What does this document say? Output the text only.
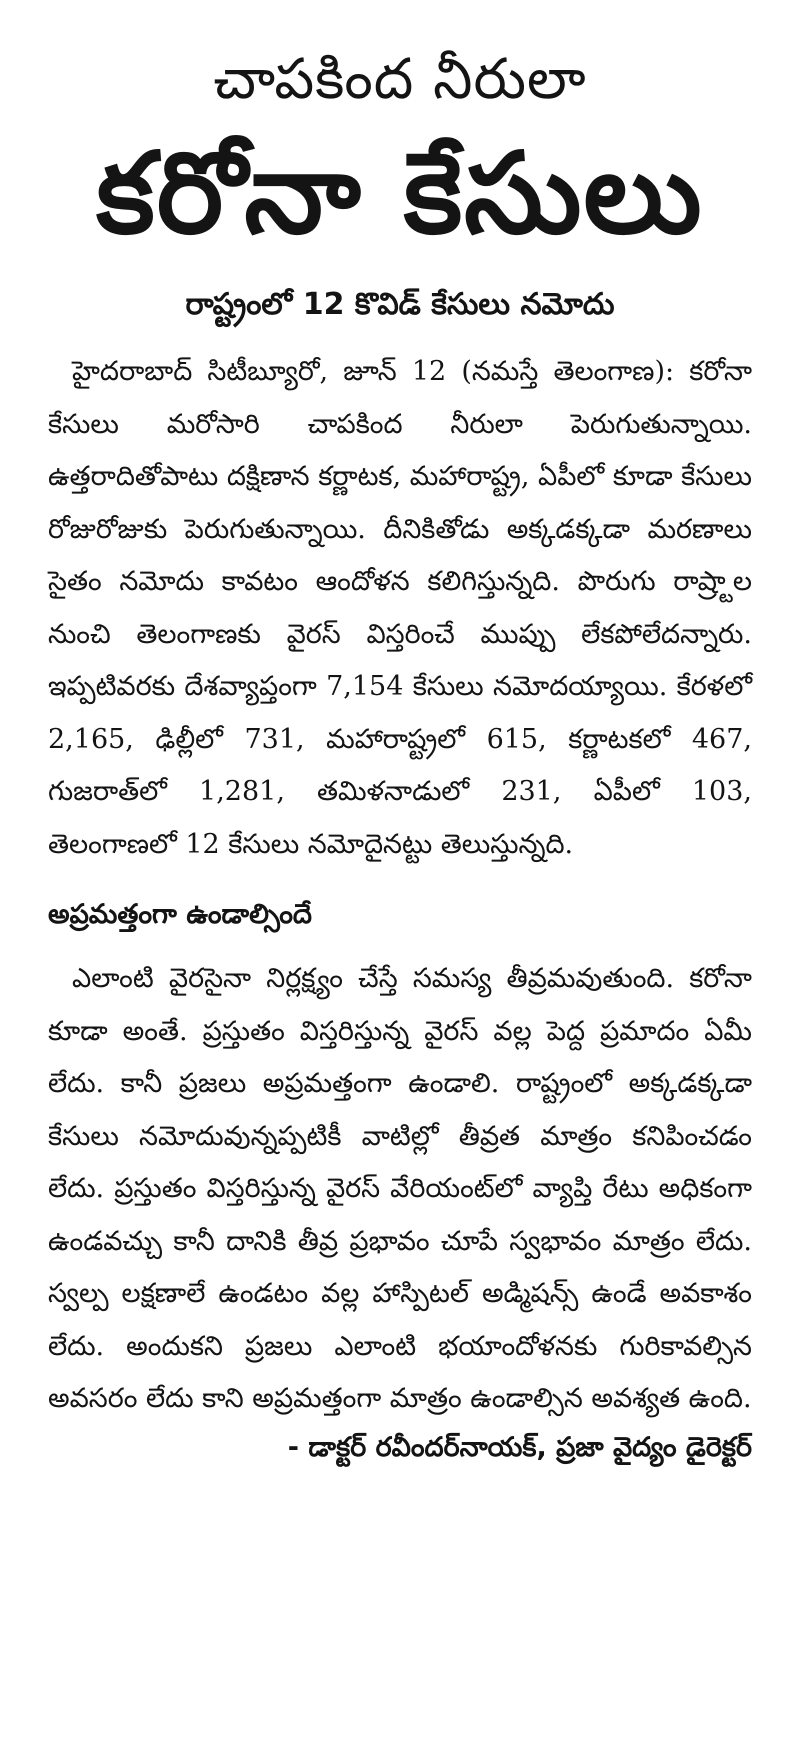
చాపకింద నీరులా
కరోనా కేసులు
రాష్ట్రంలో 12 కొవిడ్ కేసులు నమోదు

హైదరాబాద్ సిటీబ్యూరో, జూన్ 12 (నమస్తే తెలంగాణ): కరోనా కేసులు మరోసారి చాపకింద నీరులా పెరుగుతున్నాయి. ఉత్తరాదితోపాటు దక్షిణాన కర్ణాటక, మహారాష్ట్ర, ఏపీలో కూడా కేసులు రోజురోజుకు పెరుగుతున్నాయి. దీనికితోడు అక్కడక్కడా మరణాలు సైతం నమోదు కావటం ఆందోళన కలిగిస్తున్నది. పొరుగు రాష్ర్టాల నుంచి తెలంగాణకు వైరస్ విస్తరించే ముప్పు లేకపోలేదన్నారు. ఇప్పటివరకు దేశవ్యాప్తంగా 7,154 కేసులు నమోదయ్యాయి. కేరళలో 2,165, ఢిల్లీలో 731, మహారాష్ట్రలో 615, కర్ణాటకలో 467, గుజరాత్‌లో 1,281, తమిళనాడులో 231, ఏపీలో 103, తెలంగాణలో 12 కేసులు నమోదైనట్టు తెలుస్తున్నది.

అప్రమత్తంగా ఉండాల్సిందే

ఎలాంటి వైరసైనా నిర్లక్ష్యం చేస్తే సమస్య తీవ్రమవుతుంది. కరోనా కూడా అంతే. ప్రస్తుతం విస్తరిస్తున్న వైరస్ వల్ల పెద్ద ప్రమాదం ఏమీ లేదు. కానీ ప్రజలు అప్రమత్తంగా ఉండాలి. రాష్ట్రంలో అక్కడక్కడా కేసులు నమోదువున్నప్పటికీ వాటిల్లో తీవ్రత మాత్రం కనిపించడం లేదు. ప్రస్తుతం విస్తరిస్తున్న వైరస్ వేరియంట్‌లో వ్యాప్తి రేటు అధికంగా ఉండవచ్చు కానీ దానికి తీవ్ర ప్రభావం చూపే స్వభావం మాత్రం లేదు. స్వల్ప లక్షణాలే ఉండటం వల్ల హాస్పిటల్ అడ్మిషన్స్ ఉండే అవకాశం లేదు. అందుకని ప్రజలు ఎలాంటి భయాందోళనకు గురికావల్సిన అవసరం లేదు కాని అప్రమత్తంగా మాత్రం ఉండాల్సిన అవశ్యత ఉంది.

- డాక్టర్ రవీందర్‌నాయక్, ప్రజా వైద్యం డైరెక్టర్
